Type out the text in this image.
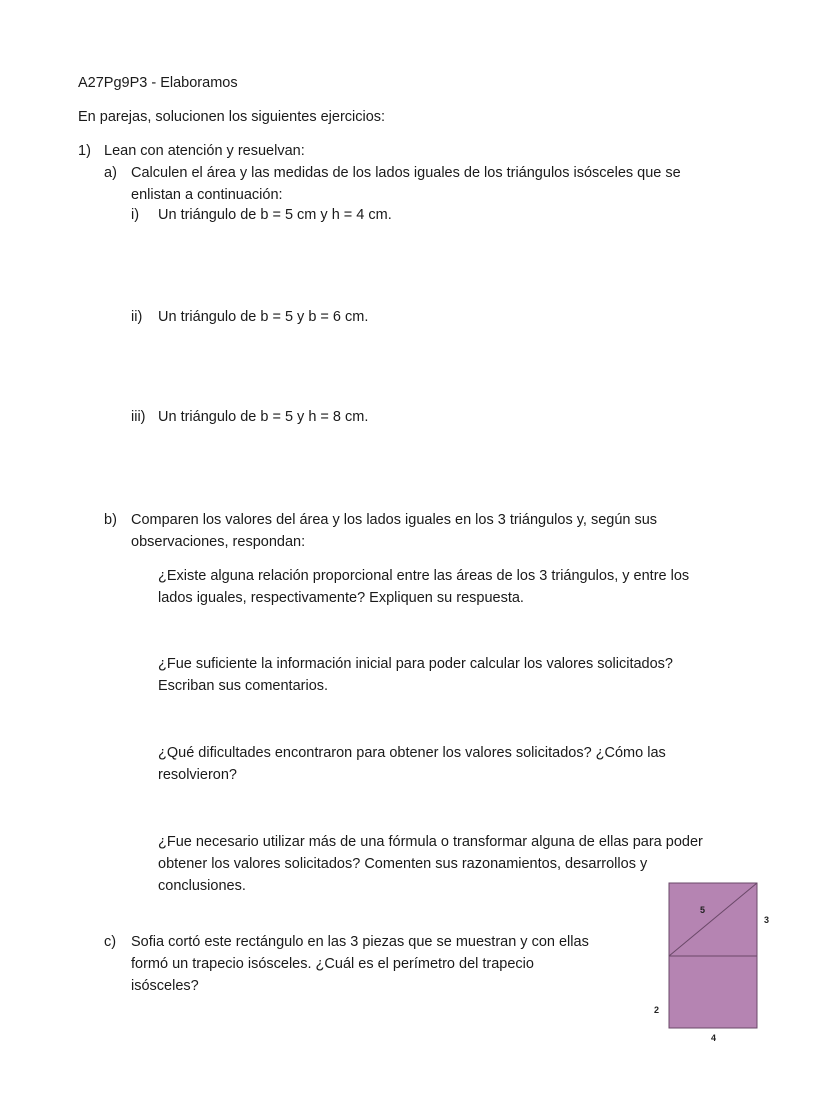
A27Pg9P3 - Elaboramos
En parejas, solucionen los siguientes ejercicios:
1) Lean con atención y resuelvan:
a) Calculen el área y las medidas de los lados iguales de los triángulos isósceles que se
enlistan a continuación:
i) Un triángulo de b = 5 cm y h = 4 cm.
ii) Un triángulo de b = 5 y b = 6 cm.
iii) Un triángulo de b = 5 y h = 8 cm.
b) Comparen los valores del área y los lados iguales en los 3 triángulos y, según sus
observaciones, respondan:
¿Existe alguna relación proporcional entre las áreas de los 3 triángulos, y entre los
lados iguales, respectivamente? Expliquen su respuesta.
¿Fue suficiente la información inicial para poder calcular los valores solicitados?
Escriban sus comentarios.
¿Qué dificultades encontraron para obtener los valores solicitados? ¿Cómo las
resolvieron?
¿Fue necesario utilizar más de una fórmula o transformar alguna de ellas para poder
obtener los valores solicitados? Comenten sus razonamientos, desarrollos y
conclusiones.
c) Sofia cortó este rectángulo en las 3 piezas que se muestran y con ellas
formó un trapecio isósceles. ¿Cuál es el perímetro del trapecio
isósceles?
5
3
2
4
